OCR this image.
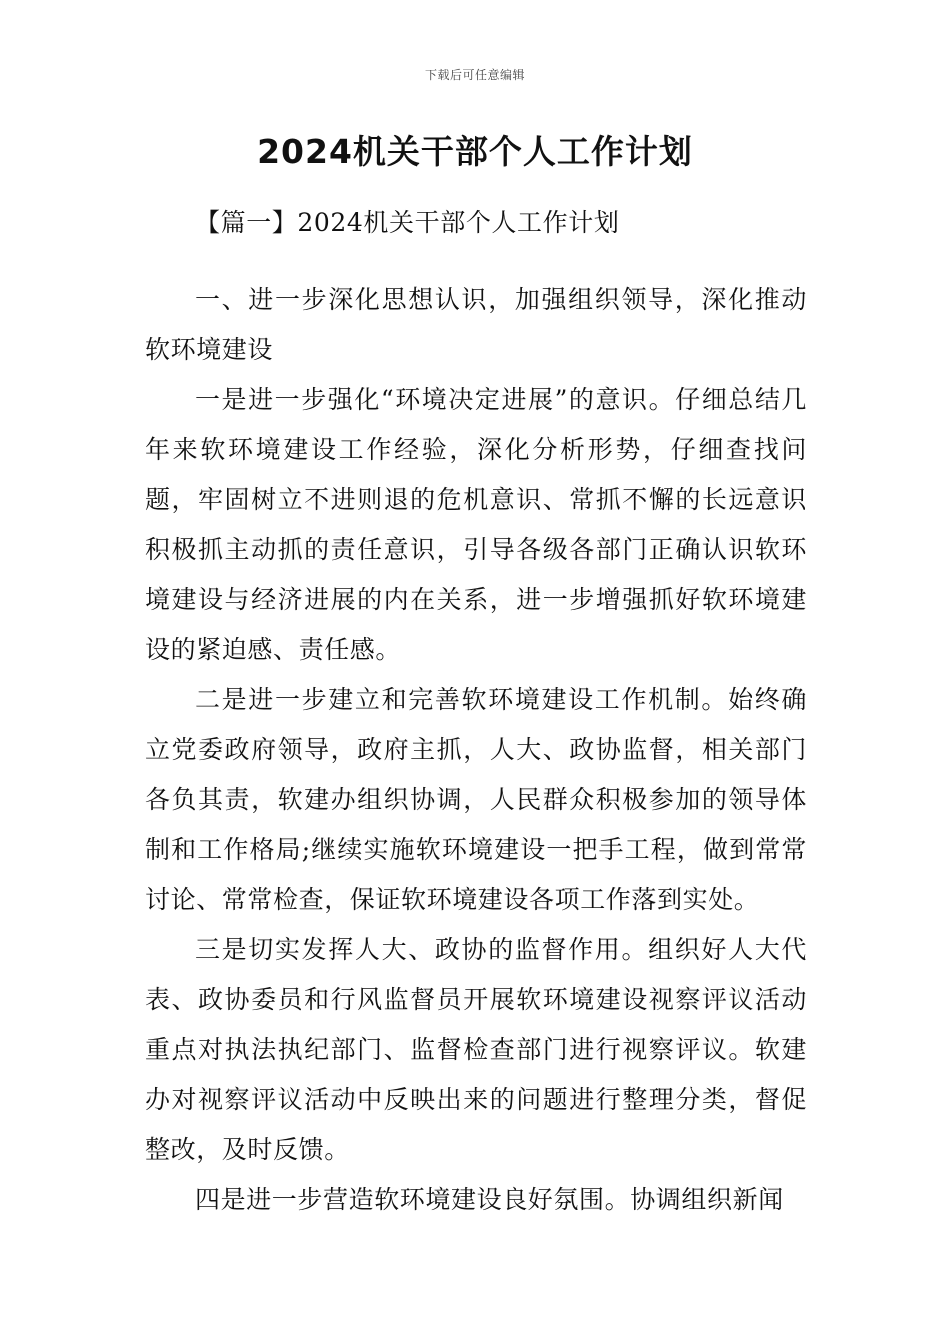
下载后可任意编辑
2024机关干部个人工作计划

【篇一】2024机关干部个人工作计划

一、进一步深化思想认识，加强组织领导，深化推动软环境建设

一是进一步强化“环境决定进展”的意识。仔细总结几年来软环境建设工作经验，深化分析形势，仔细查找问题，牢固树立不进则退的危机意识、常抓不懈的长远意识积极抓主动抓的责任意识，引导各级各部门正确认识软环境建设与经济进展的内在关系，进一步增强抓好软环境建设的紧迫感、责任感。

二是进一步建立和完善软环境建设工作机制。始终确立党委政府领导，政府主抓，人大、政协监督，相关部门各负其责，软建办组织协调，人民群众积极参加的领导体制和工作格局;继续实施软环境建设一把手工程，做到常常讨论、常常检查，保证软环境建设各项工作落到实处。

三是切实发挥人大、政协的监督作用。组织好人大代表、政协委员和行风监督员开展软环境建设视察评议活动重点对执法执纪部门、监督检查部门进行视察评议。软建办对视察评议活动中反映出来的问题进行整理分类，督促整改，及时反馈。

四是进一步营造软环境建设良好氛围。协调组织新闻
